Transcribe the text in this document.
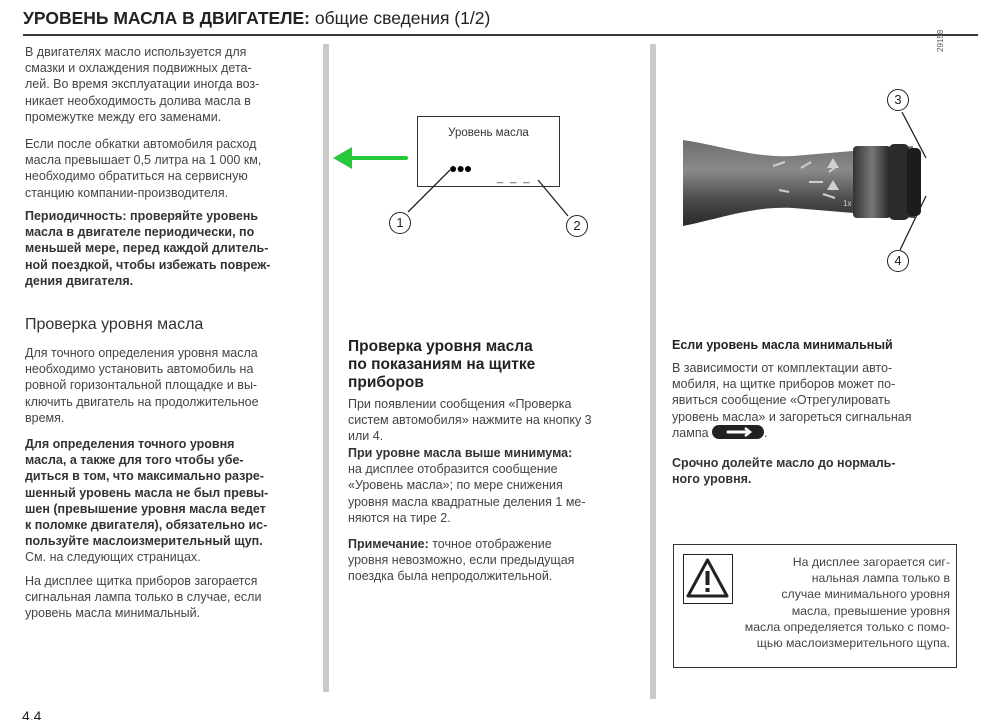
УРОВЕНЬ МАСЛА В ДВИГАТЕЛЕ: общие сведения (1/2)
В двигателях масло используется для
смазки и охлаждения подвижных дета-
лей. Во время эксплуатации иногда воз-
никает необходимость долива масла в
промежутке между его заменами.
Если после обкатки автомобиля расход
масла превышает 0,5 литра на 1 000 км,
необходимо обратиться на сервисную
станцию компании-производителя.
Периодичность: проверяйте уровень
масла в двигателе периодически, по
меньшей мере, перед каждой длитель-
ной поездкой, чтобы избежать повреж-
дения двигателя.
Проверка уровня масла
Для точного определения уровня масла
необходимо установить автомобиль на
ровной горизонтальной площадке и вы-
ключить двигатель на продолжительное
время.
Для определения точного уровня
масла, а также для того чтобы убе-
диться в том, что максимально разре-
шенный уровень масла не был превы-
шен (превышение уровня масла ведет
к поломке двигателя), обязательно ис-
пользуйте маслоизмерительный щуп.
См. на следующих страницах.
На дисплее щитка приборов загорается
сигнальная лампа только в случае, если
уровень масла минимальный.
Уровень масла
●●●
_ _ _
1	2
Проверка уровня масла
по показаниям на щитке
приборов
При появлении сообщения «Проверка
систем автомобиля» нажмите на кнопку 3
или 4.
При уровне масла выше минимума:
на дисплее отобразится сообщение
«Уровень масла»; по мере снижения
уровня масла квадратные деления 1 ме-
няются на тире 2.
Примечание: точное отображение
уровня невозможно, если предыдущая
поездка была непродолжительной.
29158
1x
3
4
Если уровень масла минимальный
В зависимости от комплектации авто-
мобиля, на щитке приборов может по-
явиться сообщение «Отрегулировать
уровень масла» и загореться сигнальная
лампа	.
Срочно долейте масло до нормаль-
ного уровня.
На дисплее загорается сиг-
нальная лампа только в
случае минимального уровня
масла, превышение уровня
масла определяется только с помо-
щью маслоизмерительного щупа.
4.4
